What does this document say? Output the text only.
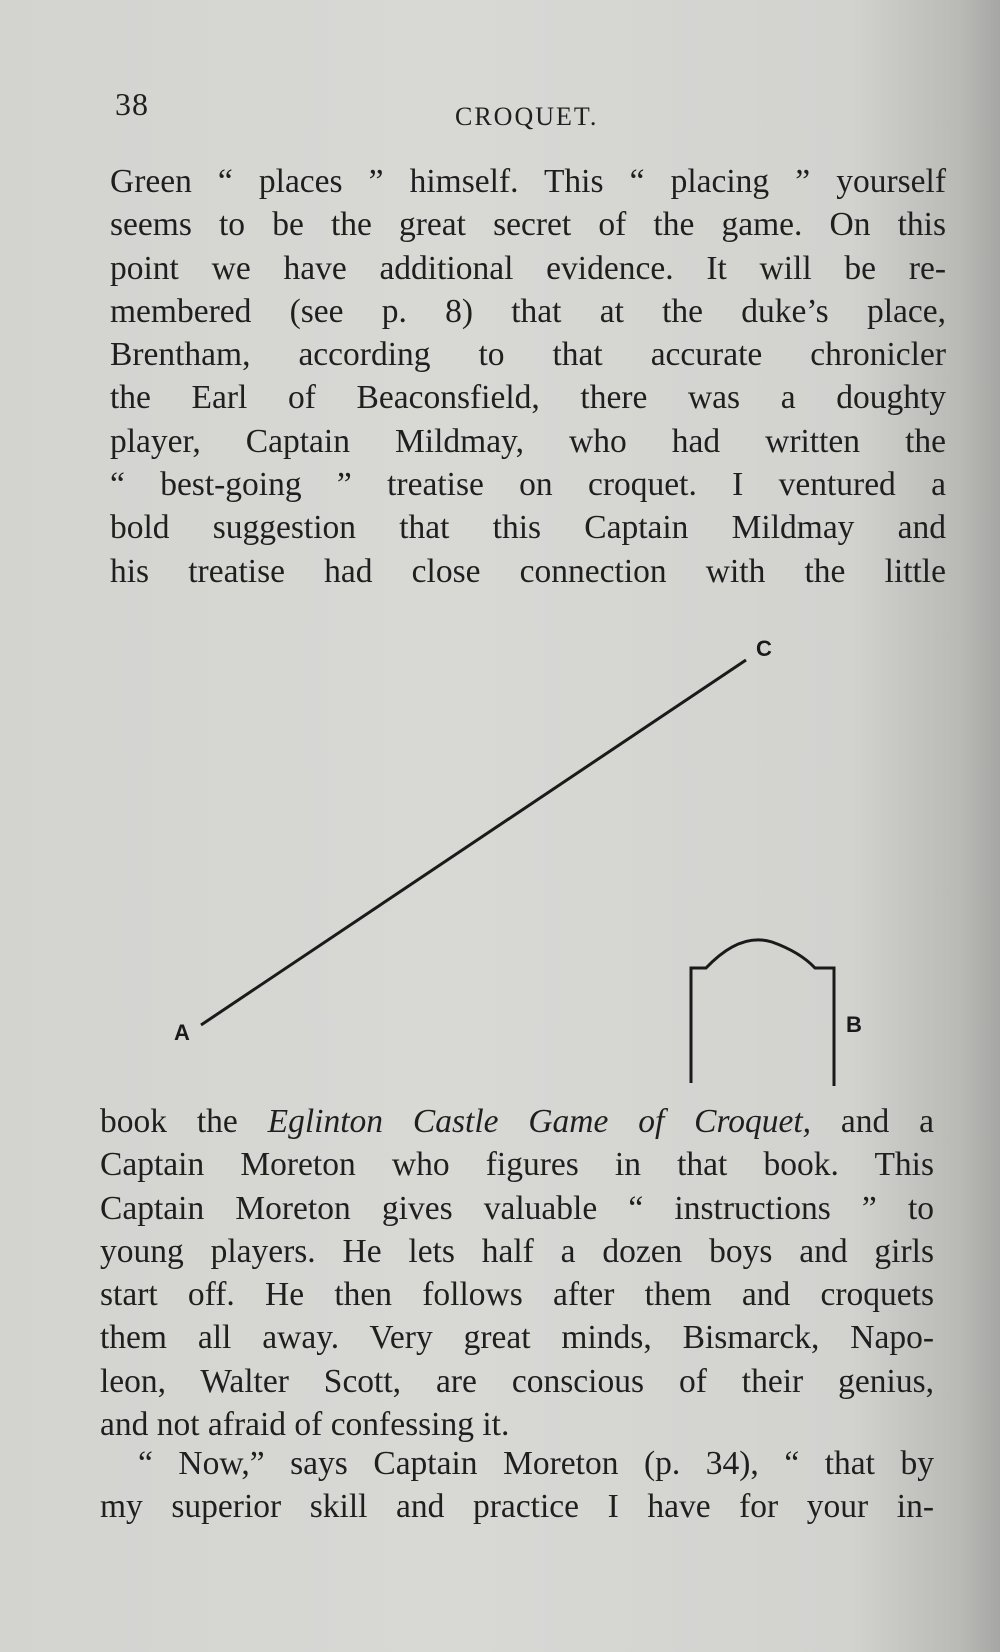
38	CROQUET.

Green “ places ” himself. This “ placing ” yourself
seems to be the great secret of the game. On this
point we have additional evidence. It will be re-
membered (see p. 8) that at the duke’s place,
Brentham, according to that accurate chronicler
the Earl of Beaconsfield, there was a doughty
player, Captain Mildmay, who had written the
“ best-going ” treatise on croquet. I ventured a
bold suggestion that this Captain Mildmay and
his treatise had close connection with the little

A	B
C

book the Eglinton Castle Game of Croquet, and a
Captain Moreton who figures in that book. This
Captain Moreton gives valuable “ instructions ” to
young players. He lets half a dozen boys and girls
start off. He then follows after them and croquets
them all away. Very great minds, Bismarck, Napo-
leon, Walter Scott, are conscious of their genius,
and not afraid of confessing it.

“ Now,” says Captain Moreton (p. 34), “ that by
my superior skill and practice I have for your in-
